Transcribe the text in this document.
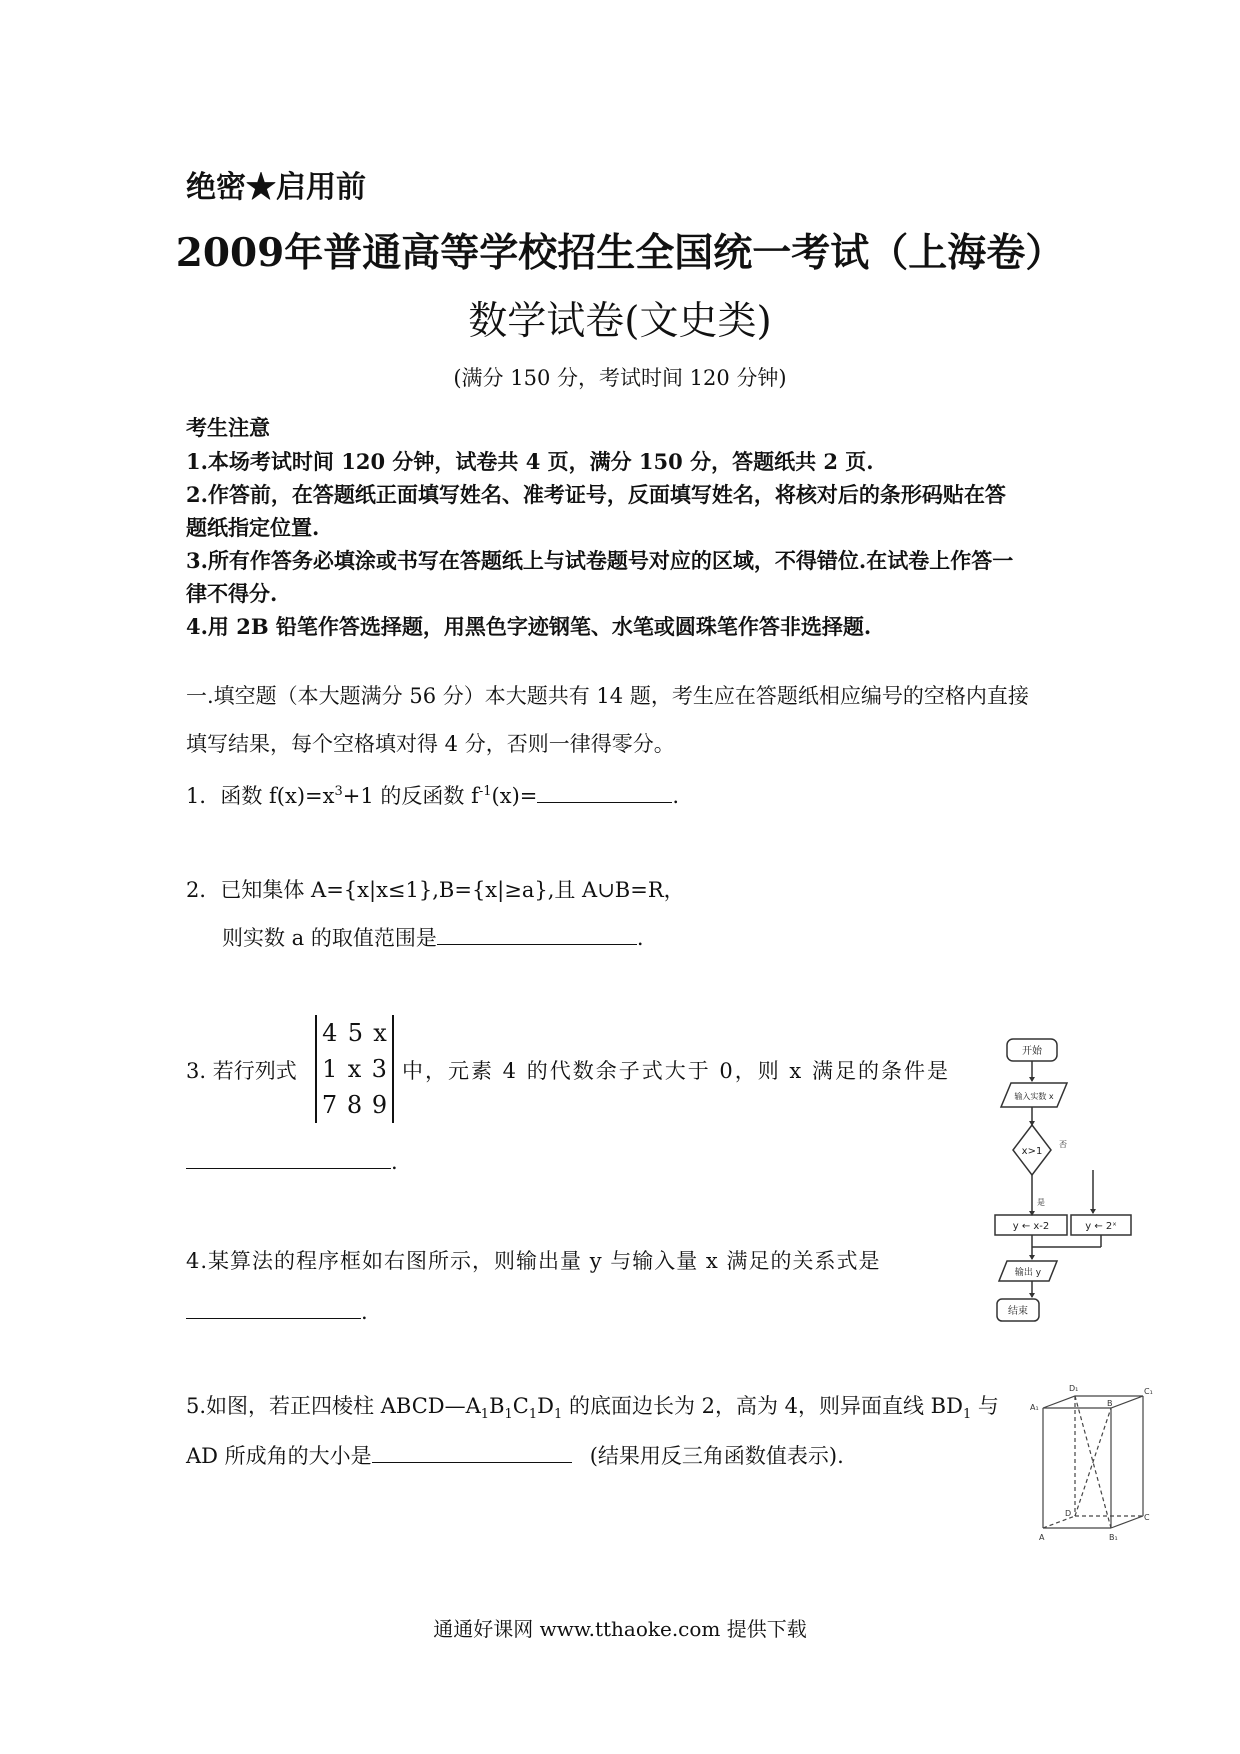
绝密★启用前
2009年普通高等学校招生全国统一考试（上海卷）
数学试卷(文史类)
(满分 150 分，考试时间 120 分钟)
考生注意
1.本场考试时间 120 分钟，试卷共 4 页，满分 150 分，答题纸共 2 页.
2.作答前，在答题纸正面填写姓名、准考证号，反面填写姓名，将核对后的条形码贴在答
题纸指定位置.
3.所有作答务必填涂或书写在答题纸上与试卷题号对应的区域，不得错位.在试卷上作答一
律不得分.
4.用 2B 铅笔作答选择题，用黑色字迹钢笔、水笔或圆珠笔作答非选择题.
一.填空题（本大题满分 56 分）本大题共有 14 题，考生应在答题纸相应编号的空格内直接
填写结果，每个空格填对得 4 分，否则一律得零分。
1．函数 $f(x)=x^3+1$ 的反函数 $f^{-1}(x)=$	.
2．已知集体 A={x|x≤1},B={x|≥a},且 A∪B=R，
则实数 a 的取值范围是	.
3. 若行列式
4 5 x
1 x 3
7 8 9
中，元素 4 的代数余子式大于 0，则 x 满足的条件是
.
4.某算法的程序框如右图所示，则输出量 y 与输入量 x 满足的关系式是
.
5.如图，若正四棱柱 $ABCD—A_1B_1C_1D_1$ 的底面边长为 2，高为 4，则异面直线 $BD_1$ 与
AD 所成角的大小是	(结果用反三角函数值表示).
开始
输入实数 x
x>1
否
是
y ← x-2	y ← 2ˣ
输出 y
结束
D₁	C₁
A₁	B
D	C
A	B₁
通通好课网 www.tthaoke.com 提供下载
